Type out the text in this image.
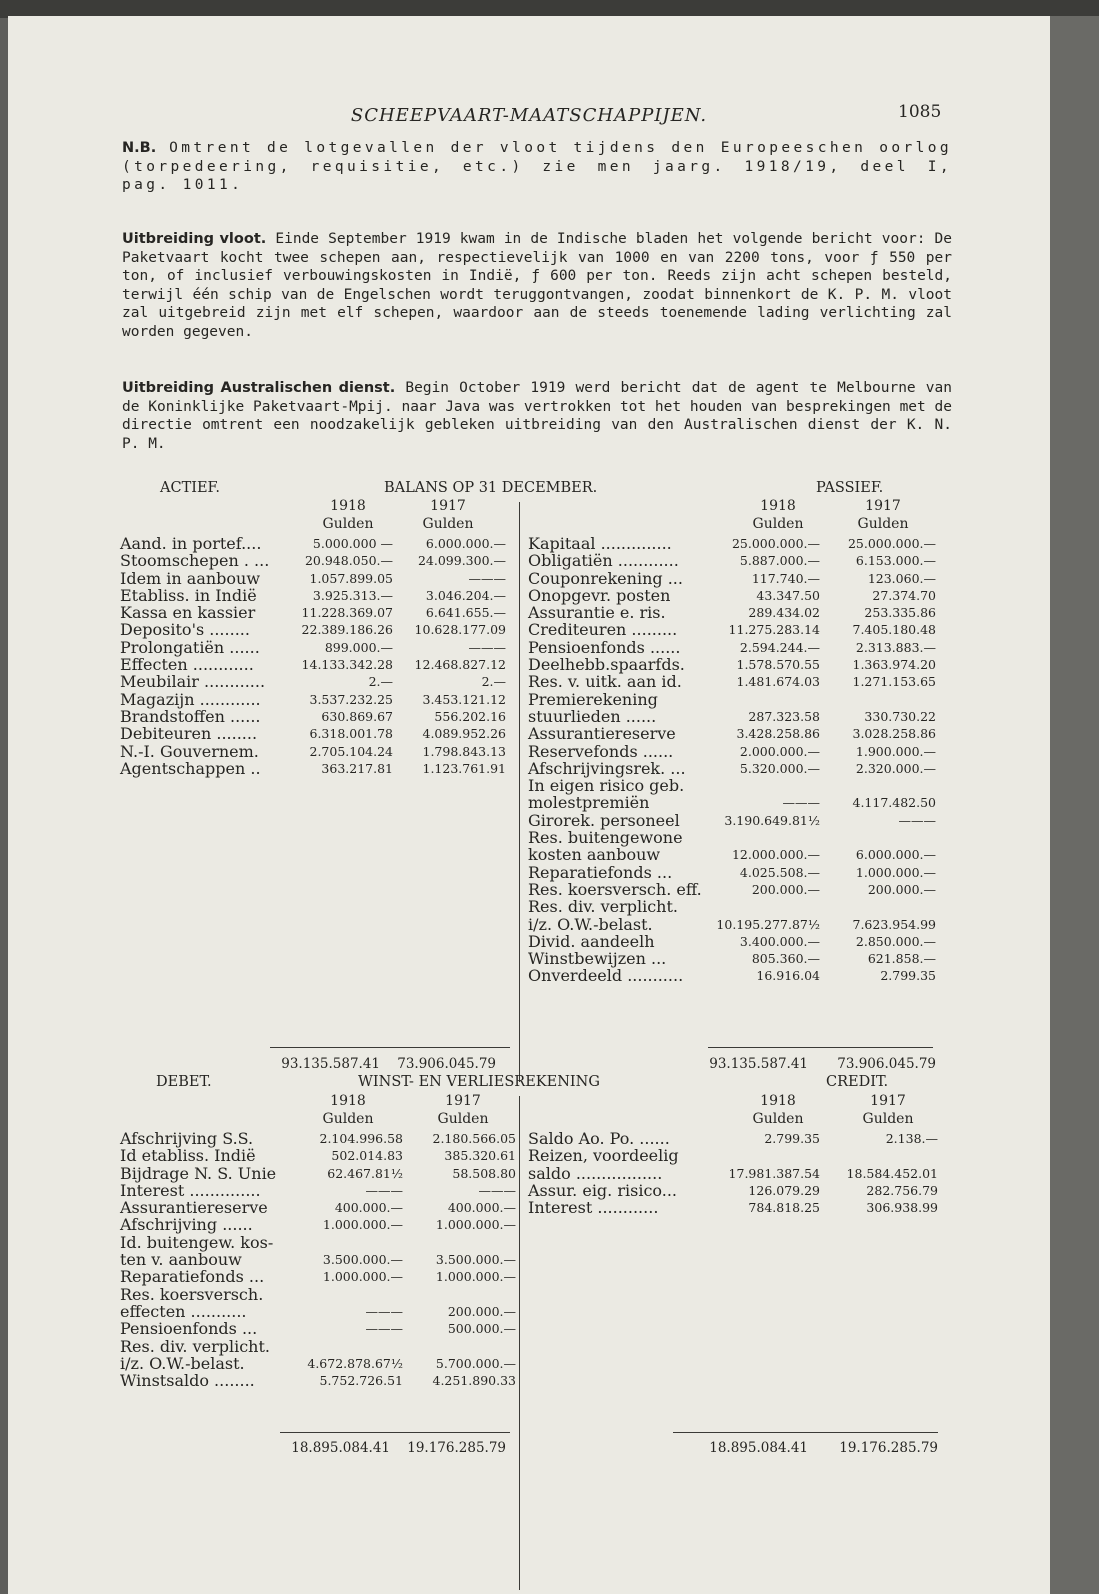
SCHEEPVAART-MAATSCHAPPIJEN.	1085
N.B. Omtrent de lotgevallen der vloot tijdens den Europeeschen oorlog (torpedeering, requisitie, etc.) zie men jaarg. 1918/19, deel I, pag. 1011.
Uitbreiding vloot. Einde September 1919 kwam in de Indische bladen het volgende bericht voor: De Paketvaart kocht twee schepen aan, respectievelijk van 1000 en van 2200 tons, voor ƒ 550 per ton, of inclusief verbouwingskosten in Indië, ƒ 600 per ton. Reeds zijn acht schepen besteld, terwijl één schip van de Engelschen wordt teruggontvangen, zoodat binnenkort de K. P. M. vloot zal uitgebreid zijn met elf schepen, waardoor aan de steeds toenemende lading verlichting zal worden gegeven.
Uitbreiding Australischen dienst. Begin October 1919 werd bericht dat de agent te Melbourne van de Koninklijke Paketvaart-Mpij. naar Java was vertrokken tot het houden van besprekingen met de directie omtrent een noodzakelijk gebleken uitbreiding van den Australischen dienst der K. N. P. M.
ACTIEF.	BALANS OP 31 DECEMBER.	PASSIEF.
1918	1917
Gulden	Gulden
1918	1917
Gulden	Gulden
Aand. in portef....	5.000.000 —	6.000.000.—
Stoomschepen . ...	20.948.050.— 24.099.300.—
Idem in aanbouw	1.057.899.05	———
Etabliss. in Indië	3.925.313.—	3.046.204.—
Kassa en kassier	11.228.369.07	6.641.655.—
Deposito's ........	22.389.186.26 10.628.177.09
Prolongatiën ......	899.000.—	———
Effecten ............	14.133.342.28 12.468.827.12
Meubilair ............	2.—	2.—
Magazijn ............	3.537.232.25 3.453.121.12
Brandstoffen ......	630.869.67	556.202.16
Debiteuren ........	6.318.001.78 4.089.952.26
N.-I. Gouvernem.	2.705.104.24 1.798.843.13
Agentschappen ..	363.217.81 1.123.761.91
Kapitaal ..............	25.000.000.— 25.000.000.—
Obligatiën ............	5.887.000.—	6.153.000.—
Couponrekening ...	117.740.—	123.060.—
Onopgevr. posten	43.347.50	27.374.70
Assurantie e. ris.	289.434.02	253.335.86
Crediteuren .........	11.275.283.14	7.405.180.48
Pensioenfonds ......	2.594.244.—	2.313.883.—
Deelhebb.spaarfds.	1.578.570.55	1.363.974.20
Res. v. uitk. aan id.	1.481.674.03	1.271.153.65
Premierekening
stuurlieden ......	287.323.58	330.730.22
Assurantiereserve	3.428.258.86	3.028.258.86
Reservefonds ......	2.000.000.—	1.900.000.—
Afschrijvingsrek. ...	5.320.000.—	2.320.000.—
In eigen risico geb.
molestpremiën	———	4.117.482.50
Girorek. personeel	3.190.649.81½	———
Res. buitengewone
kosten aanbouw	12.000.000.—	6.000.000.—
Reparatiefonds ...	4.025.508.—	1.000.000.—
Res. koersversch. eff.	200.000.—	200.000.—
Res. div. verplicht.
i/z. O.W.-belast.	10.195.277.87½	7.623.954.99
Divid. aandeelh	3.400.000.—	2.850.000.—
Winstbewijzen ...	805.360.—	621.858.—
Onverdeeld ...........	16.916.04	2.799.35
93.135.587.41	73.906.045.79	93.135.587.41	73.906.045.79
DEBET.	WINST- EN VERLIESREKENING	CREDIT.
1918	1917
Gulden	Gulden
1918	1917
Gulden	Gulden
Afschrijving S.S.	2.104.996.58 2.180.566.05
Id etabliss. Indië	502.014.83	385.320.61
Bijdrage N. S. Unie	62.467.81½	58.508.80
Interest ..............	———	———
Assurantiereserve	400.000.—	400.000.—
Afschrijving ......	1.000.000.—	1.000.000.—
Id. buitengew. kos-
ten v. aanbouw	3.500.000.—	3.500.000.—
Reparatiefonds ...	1.000.000.—	1.000.000.—
Res. koersversch.
effecten ...........	———	200.000.—
Pensioenfonds ...	———	500.000.—
Res. div. verplicht.
i/z. O.W.-belast.	4.672.878.67½	5.700.000.—
Winstsaldo ........	5.752.726.51 4.251.890.33
Saldo Ao. Po. ......	2.799.35	2.138.—
Reizen, voordeelig
saldo .................	17.981.387.54 18.584.452.01
Assur. eig. risico...	126.079.29	282.756.79
Interest ............	784.818.25	306.938.99
18.895.084.41	19.176.285.79	18.895.084.41	19.176.285.79
